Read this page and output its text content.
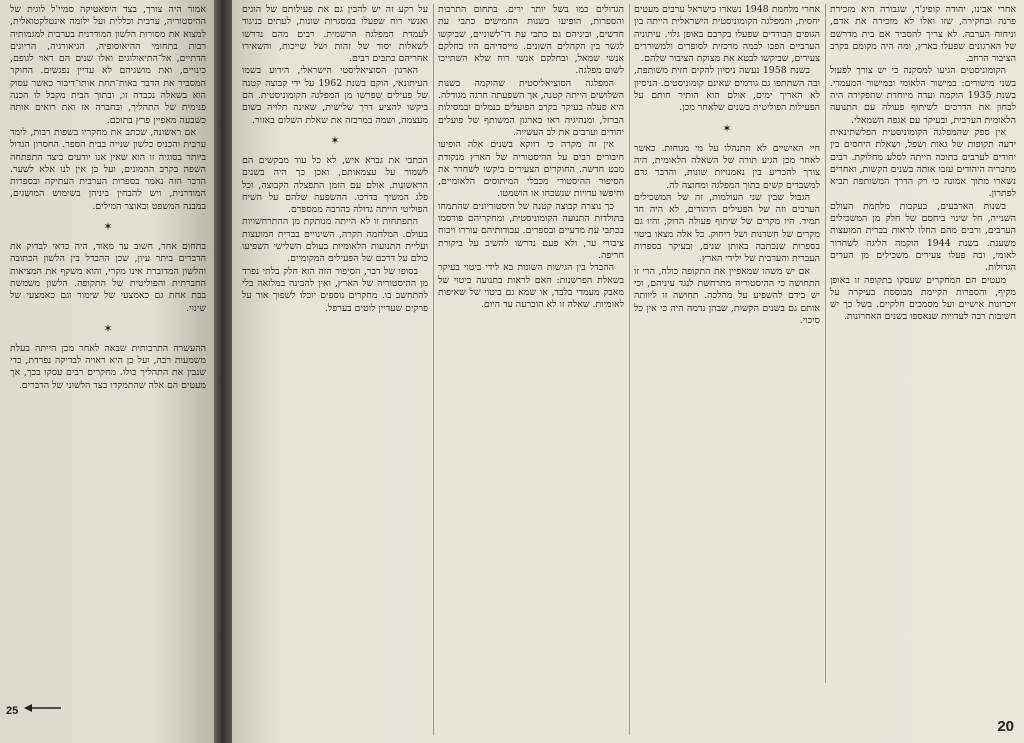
אמור היה צורך, בצד היפאטיקה סמיי'ל לוגית של ההיסטוריה, ערבית וכללית ועל ילומה אינטלקטואלית, למצוא את מסורות הלשון המודרנית בערבית למגמותיה רבות בתחומי ההיאוסופיה, הגיאורגיה, הריונים הדתיים, אל־התיאולוגים ואלו שנים הם ראוי לגופם, כינויים, ואת מושגיהם לא עדיין נפגשים. החוקר המסביר את הדבר באות־תחת אותו־דיבור כאשר עסוק הוא בשאלה נכבדה זו, ובתוך הבית מקבל לו הכנה פנימית של התהליך, ובחברה אז ואת רואים אותה כשבעה מאפיין פרץ בתוכם.

אם ראשונה, שכתב את מחקריו בשפות רבות, לימד ערבית והכניס כלשון שנייה בבית הספר. החסרון הגדול ביותר בסוגיה זו הוא שאין אנו יודעים כיצד התפתחה השפה בקרב ההמונים, ועל כן אין לנו אלא לשער. הדבר הזה נאמר בספרות הערבית העתיקה ובספרות המודרנית, ויש להבחין ביניהן בשימוש המושגים, במבנה המשפט ובאוצר המילים.

✶

בתחום אחר, חשוב עד מאוד, היה כדאי לבדוק את הדברים ביתר עיון, שכן ההבדל בין הלשון הכתובה והלשון המדוברת אינו מקרי, והוא משקף את המציאות החברתית והפוליטית של התקופה. הלשון משמשת בבת אחת גם כאמצעי של שימור וגם כאמצעי של שינוי.

✶

ההעשרה התרבותית שבאה לאחר מכן הייתה בעלת משמעות רבה, ועל כן היא ראויה לבדיקה נפרדת, כדי שנבין את התהליך כולו. מחקרים רבים עסקו בכך, אך מעטים הם אלה שהתמקדו בצד הלשוני של הדברים.

25

אחרי אבינו, יהודה קופיג'ר, שגבורה היא מזכירת פרנה ובחקירה, שזו ואלו לא מזכירה את אדם, וניחוח הערבה. לא צריך להסביר אם בית מדרשם של הארגונים שפעלו בארץ, ומה היה מקומם בקרב הציבור הרחב.

הקומוניסטים הגיעו למסקנה כי יש צורך לפעול בשני מישורים: במישור הלאומי ובמישור המעמדי. בשנת 1935 הוקמה ועדה מיוחדת שתפקידה היה לבחון את הדרכים לשיתוף פעולה עם התנועה הלאומית הערבית, ובעיקר עם אגפה השמאלי.

אין ספק שהמפלגה הקומוניסטית הפלשתינאית ידעה תקופות של גאות ושפל, ושאלת היחסים בין יהודים לערבים בתוכה הייתה לסלע מחלוקת. רבים מחבריה היהודים עזבו אותה בשנים הקשות, ואחרים נשארו מתוך אמונה כי רק הדרך המשותפת תביא לפתרון.

בשנות הארבעים, בעקבות מלחמת העולם השנייה, חל שינוי ביחסם של חלק מן המשכילים הערבים, ורבים מהם החלו לראות בברית המועצות משענת. בשנת 1944 הוקמה הליגה לשחרור לאומי, ובה פעלו צעירים משכילים מן הערים הגדולות.

מעטים הם המחקרים שעסקו בתקופה זו באופן מקיף, והספרות הקיימת מבוססת בעיקרה על זיכרונות אישיים ועל מסמכים חלקיים. בשל כך יש חשיבות רבה לעדויות שנאספו בשנים האחרונות.

אחרי מלחמת 1948 נשארו בישראל ערבים מעטים יחסית, והמפלגה הקומוניסטית הישראלית הייתה בין הגופים הבודדים שפעלו בקרבם באופן גלוי. עיתוניה הערביים הפכו לבמה מרכזית לסופרים ולמשוררים צעירים, שביקשו לבטא את מצוקת הציבור שלהם.

בשנת 1958 נעשה ניסיון להקים חזית משותפת, ובה השתתפו גם גורמים שאינם קומוניסטים. הניסיון לא האריך ימים, אולם הוא הותיר חותם על הפעילות הפוליטית בשנים שלאחר מכן.

✶

חיי האישיים לא התנהלו על מי מנוחות. כאשר לאחר מכן הגיע תורה של השאלה הלאומית, היה צורך להכריע בין נאמנויות שונות, והדבר גרם למשברים קשים בתוך המפלגה ומחוצה לה.

הגבול שבין שני העולמות, זה של המשכילים הערבים וזה של הפעילים היהודים, לא היה חד תמיד. היו מקרים של שיתוף פעולה הדוק, והיו גם מקרים של חשדנות ושל ריחוק. כל אלה מצאו ביטוי בספרות שנכתבה באותן שנים, ובעיקר בספרות העברית והערבית של ילידי הארץ.

אם יש משהו שמאפיין את התקופה כולה, הרי זו התחושה כי ההיסטוריה מתרחשת לנגד עיניהם, וכי יש בידם להשפיע על מהלכה. תחושה זו ליוותה אותם גם בשנים הקשות, שבהן נדמה היה כי אין כל סיכוי.

הגדולים כמו בשל יותר ירים. בתחום התרבות והספרות, הופיעו בשנות החמישים כתבי עת חדשים, וביניהם גם כתבי עת דו־לשוניים, שביקשו לגשר בין הקהלים השונים. מייסדיהם היו בחלקם אנשי שמאל, ובחלקם אנשי רוח שלא השתייכו לשום מפלגה.

המפלגה הסוציאליסטית שהוקמה בשנות השלושים הייתה קטנה, אך השפעתה חרגה מגודלה. היא פעלה בעיקר בקרב הפועלים בנמלים ובמסילות הברזל, ומנהיגיה ראו בארגון המשותף של פועלים יהודים וערבים את לב העשייה.

אין זה מקרה כי דווקא בשנים אלה הופיעו חיבורים רבים על ההיסטוריה של הארץ מנקודת מבט חדשה. החוקרים הצעירים ביקשו לשחרר את הסיפור ההיסטורי מכבלי המיתוסים הלאומיים, וחיפשו עדויות שנשכחו או הושמטו.

כך נוצרה קבוצה קטנה של היסטוריונים שהתמחו בתולדות התנועה הקומוניסטית, ומחקריהם פורסמו בכתבי עת מדעיים ובספרים. עבודותיהם עוררו ויכוח ציבורי ער, ולא פעם נדרשו להשיב על ביקורת חריפה.

ההבדל בין הגישות השונות בא לידי ביטוי בעיקר בשאלת הפרשנות: האם לראות בתנועה ביטוי של מאבק מעמדי בלבד, או שמא גם ביטוי של שאיפות לאומיות. שאלה זו לא הוכרעה עד היום.

על רקע זה יש להבין גם את פעילותם של הוגים ואנשי רוח שפעלו במסגרות שונות, לעתים בניגוד לעמדת המפלגה הרשמית. רבים מהם נדרשו לשאלות יסוד של זהות ושל שייכות, והשאירו אחריהם כתבים רבים.

הארגון הסוציאליסטי הישראלי, הידוע בשמו העיתונאי, הוקם בשנת 1962 על ידי קבוצה קטנה של פעילים שפרשו מן המפלגה הקומוניסטית. הם ביקשו להציע דרך שלישית, שאינה תלויה בשום מעצמה, ושמה במרכזה את שאלת השלום באזור.

✶

הכתבי את גברא איש, לא כל עוד מבקשים הם לשמור על עצמאותם, ואכן כך היה בשנים הראשונות. אולם עם הזמן התפצלה הקבוצה, וכל פלג המשיך בדרכו. ההשפעה שלהם על השיח הפוליטי הייתה גדולה בהרבה ממספרם.

התפתחות זו לא הייתה מנותקת מן ההתרחשויות בעולם. המלחמה הקרה, השינויים בברית המועצות ועליית התנועות הלאומיות בעולם השלישי השפיעו כולם על דרכם של הפעילים המקומיים.

בסופו של דבר, הסיפור הזה הוא חלק בלתי נפרד מן ההיסטוריה של הארץ, ואין להבינה במלואה בלי להתחשב בו. מחקרים נוספים יוכלו לשפוך אור על פרקים שעדיין לוטים בערפל.

20
